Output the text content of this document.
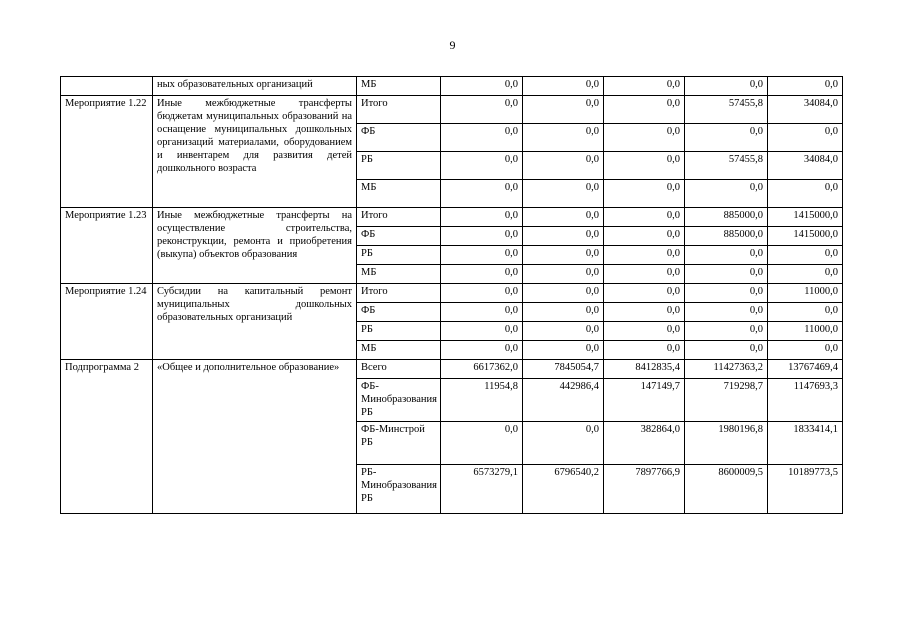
9
	ных образовательных организаций	МБ	0,0	0,0	0,0	0,0	0,0
Мероприятие 1.22	Иные межбюджетные трансферты бюджетам муниципальных образований на оснащение муниципальных дошкольных организаций материалами, оборудованием и инвентарем для развития детей дошкольного возраста	Итого	0,0	0,0	0,0	57455,8	34084,0
		ФБ	0,0	0,0	0,0	0,0	0,0
		РБ	0,0	0,0	0,0	57455,8	34084,0
		МБ	0,0	0,0	0,0	0,0	0,0
Мероприятие 1.23	Иные межбюджетные трансферты на осуществление строительства, реконструкции, ремонта и приобретения (выкупа) объектов образования	Итого	0,0	0,0	0,0	885000,0	1415000,0
		ФБ	0,0	0,0	0,0	885000,0	1415000,0
		РБ	0,0	0,0	0,0	0,0	0,0
		МБ	0,0	0,0	0,0	0,0	0,0
Мероприятие 1.24	Субсидии на капитальный ремонт муниципальных дошкольных образовательных организаций	Итого	0,0	0,0	0,0	0,0	11000,0
		ФБ	0,0	0,0	0,0	0,0	0,0
		РБ	0,0	0,0	0,0	0,0	11000,0
		МБ	0,0	0,0	0,0	0,0	0,0
Подпрограмма 2	«Общее и дополнительное образование»	Всего	6617362,0	7845054,7	8412835,4	11427363,2	13767469,4
		ФБ-Минобразования РБ	11954,8	442986,4	147149,7	719298,7	1147693,3
		ФБ-Минстрой РБ	0,0	0,0	382864,0	1980196,8	1833414,1
		РБ-Минобразования РБ	6573279,1	6796540,2	7897766,9	8600009,5	10189773,5
